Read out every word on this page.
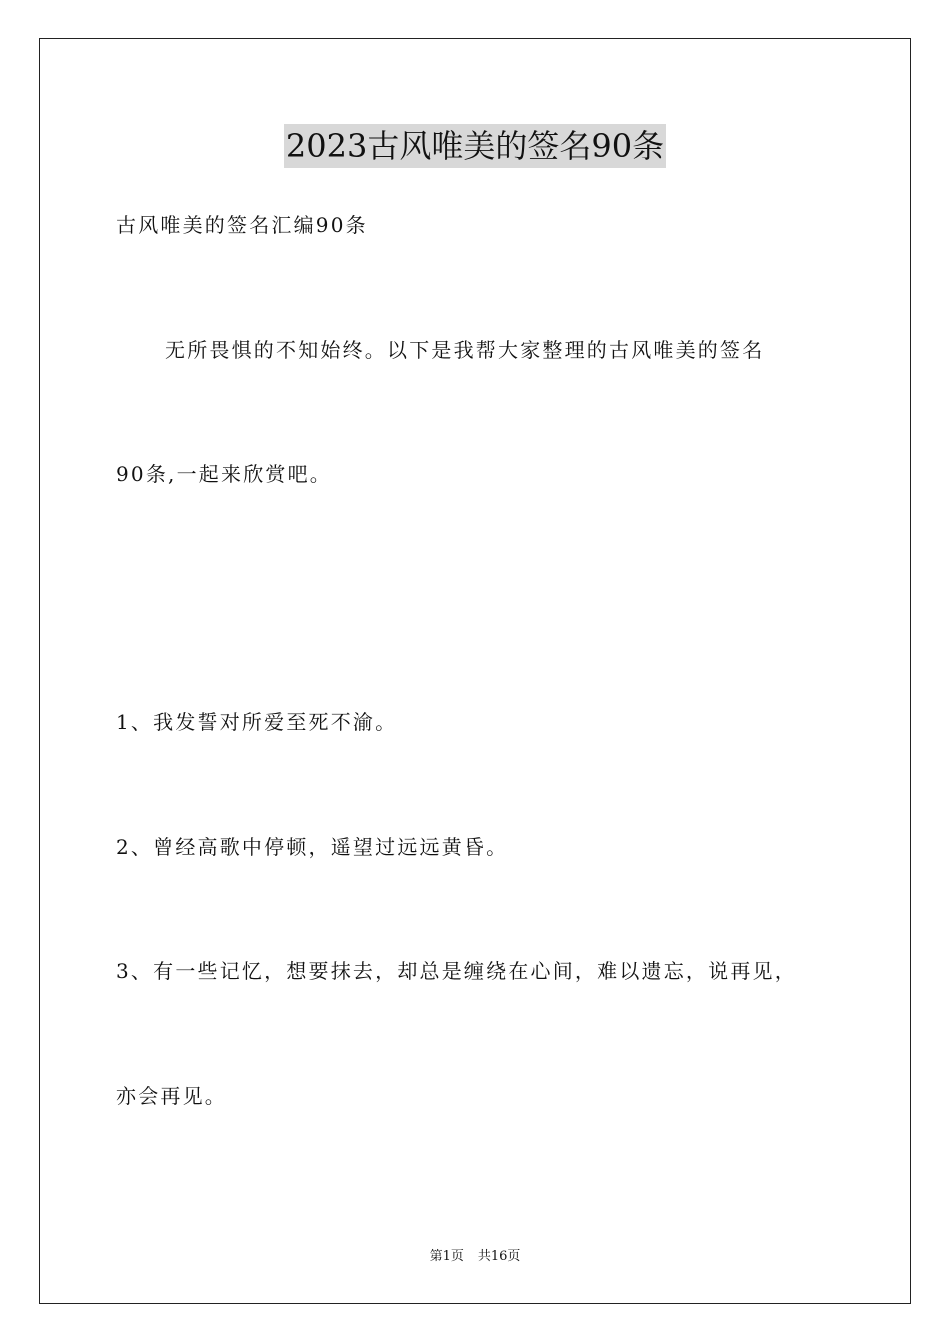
2023古风唯美的签名90条
古风唯美的签名汇编90条
无所畏惧的不知始终。以下是我帮大家整理的古风唯美的签名
90条,一起来欣赏吧。
1、我发誓对所爱至死不渝。
2、曾经高歌中停顿，遥望过远远黄昏。
3、有一些记忆，想要抹去，却总是缠绕在心间，难以遗忘，说再见，
亦会再见。
第1页 共16页
